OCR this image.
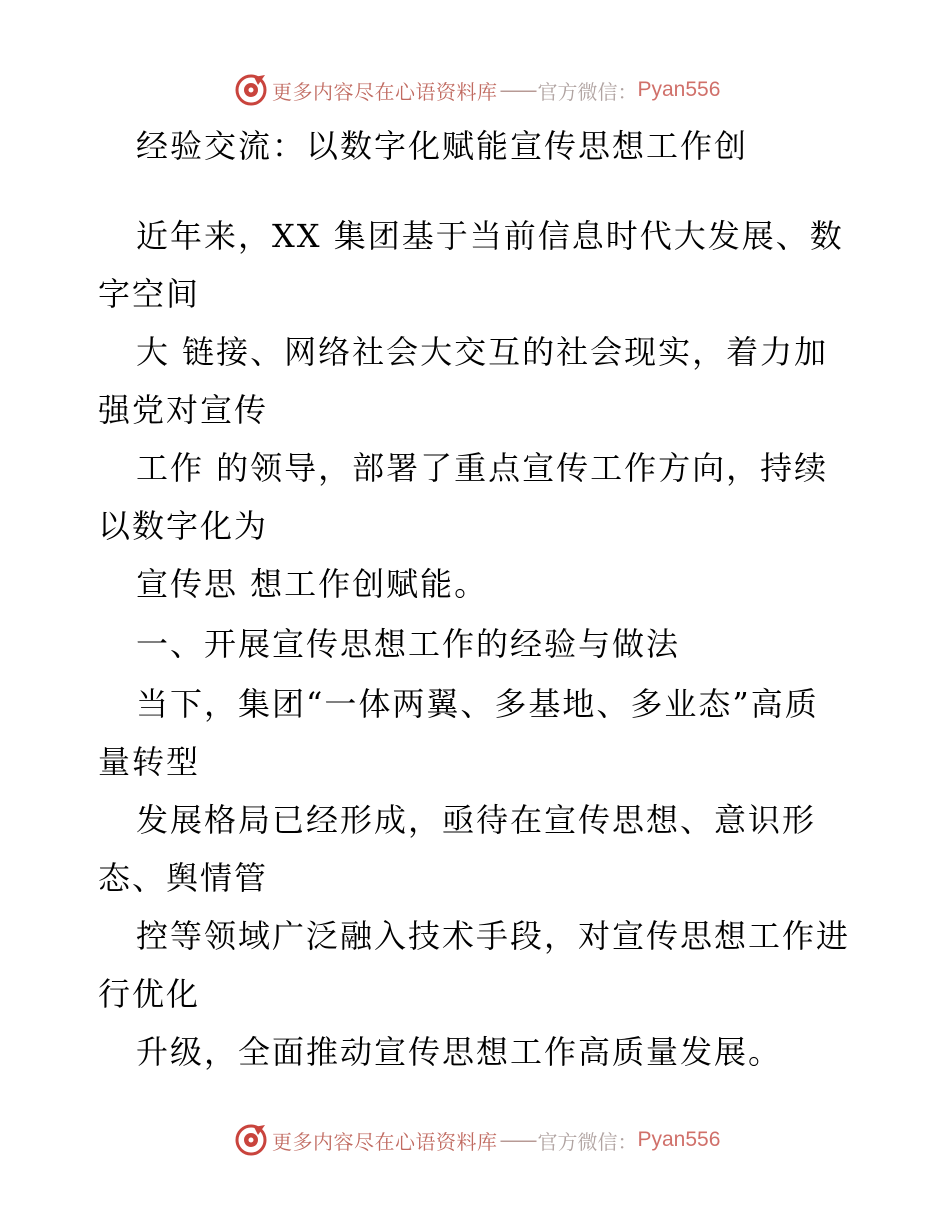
更多内容尽在心语资料库 —— 官方微信： Pyan556

经验交流：以数字化赋能宣传思想工作创

近年来，XX 集团基于当前信息时代大发展、数

字空间

大 链接、网络社会大交互的社会现实，着力加

强党对宣传

工作 的领导，部署了重点宣传工作方向，持续

以数字化为

宣传思 想工作创赋能。

一、开展宣传思想工作的经验与做法

当下，集团“一体两翼、多基地、多业态”高质

量转型

发展格局已经形成，亟待在宣传思想、意识形

态、舆情管

控等领域广泛融入技术手段，对宣传思想工作进

行优化

升级，全面推动宣传思想工作高质量发展。

更多内容尽在心语资料库 —— 官方微信： Pyan556
